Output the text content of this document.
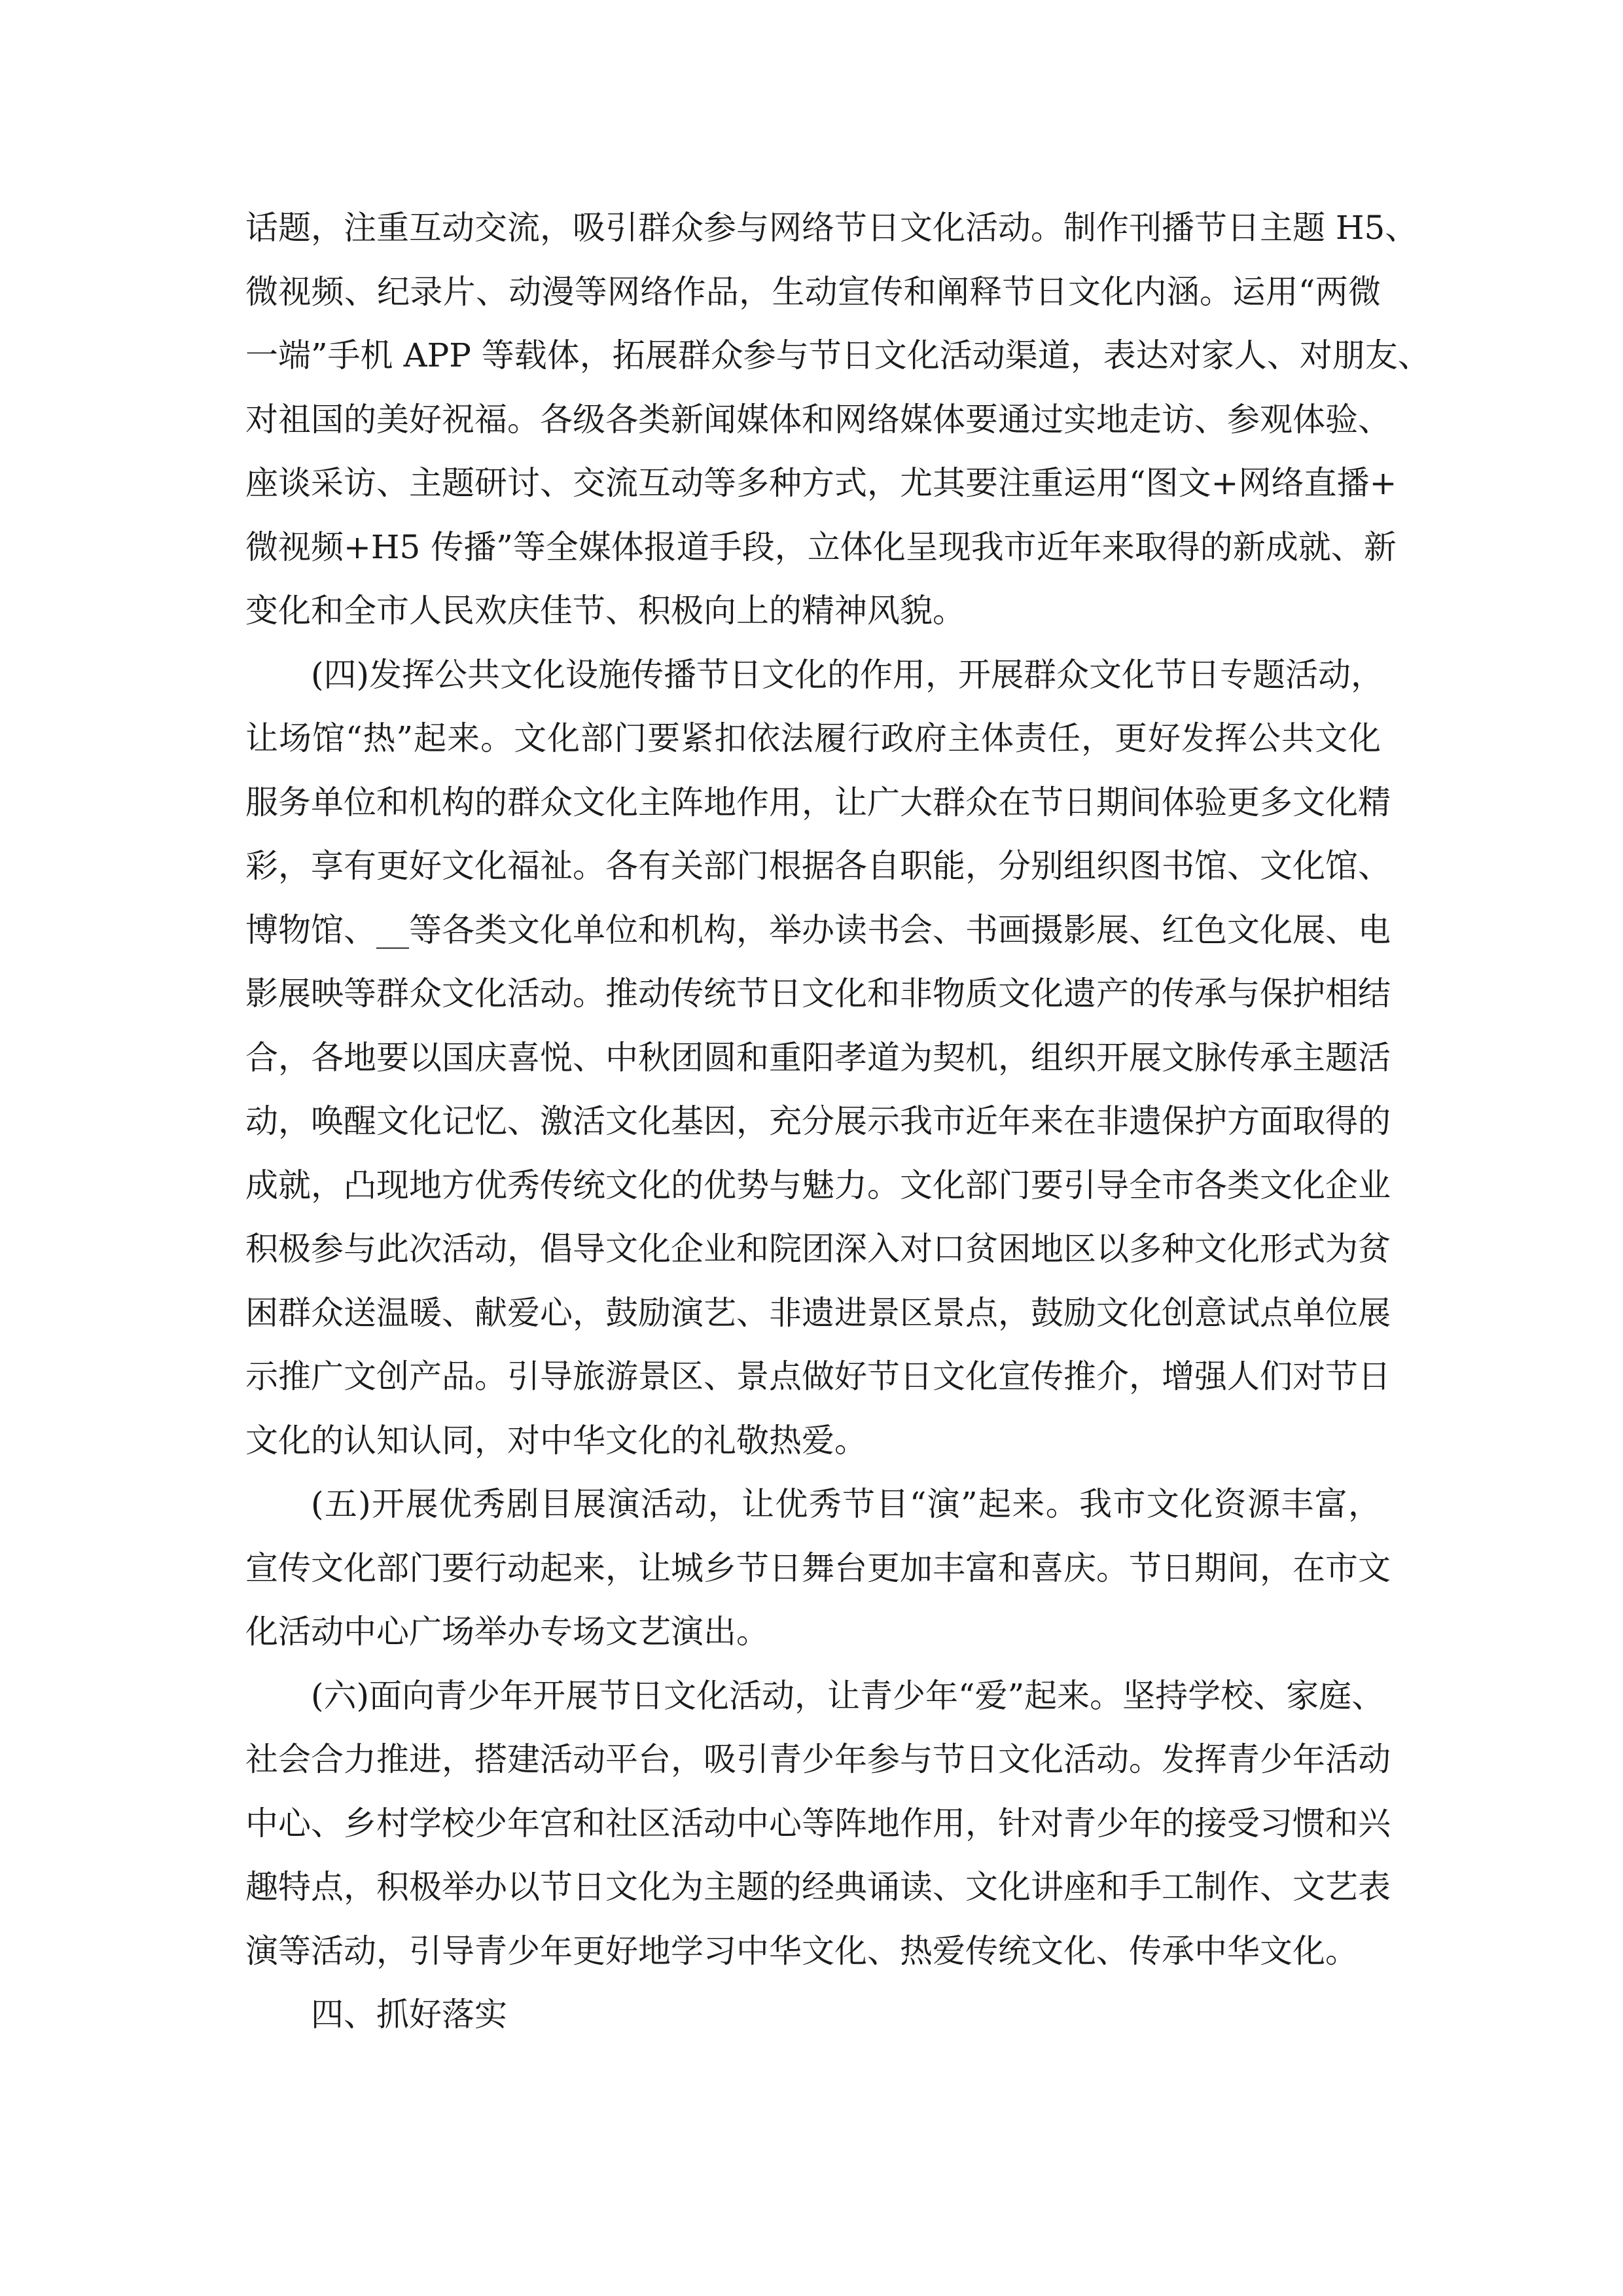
话题，注重互动交流，吸引群众参与网络节日文化活动。制作刊播节日主题 H5、
微视频、纪录片、动漫等网络作品，生动宣传和阐释节日文化内涵。运用“两微
一端”手机 APP 等载体，拓展群众参与节日文化活动渠道，表达对家人、对朋友、
对祖国的美好祝福。各级各类新闻媒体和网络媒体要通过实地走访、参观体验、
座谈采访、主题研讨、交流互动等多种方式，尤其要注重运用“图文+网络直播+
微视频+H5 传播”等全媒体报道手段，立体化呈现我市近年来取得的新成就、新
变化和全市人民欢庆佳节、积极向上的精神风貌。
(四)发挥公共文化设施传播节日文化的作用，开展群众文化节日专题活动，
让场馆“热”起来。文化部门要紧扣依法履行政府主体责任，更好发挥公共文化
服务单位和机构的群众文化主阵地作用，让广大群众在节日期间体验更多文化精
彩，享有更好文化福祉。各有关部门根据各自职能，分别组织图书馆、文化馆、
博物馆、__等各类文化单位和机构，举办读书会、书画摄影展、红色文化展、电
影展映等群众文化活动。推动传统节日文化和非物质文化遗产的传承与保护相结
合，各地要以国庆喜悦、中秋团圆和重阳孝道为契机，组织开展文脉传承主题活
动，唤醒文化记忆、激活文化基因，充分展示我市近年来在非遗保护方面取得的
成就，凸现地方优秀传统文化的优势与魅力。文化部门要引导全市各类文化企业
积极参与此次活动，倡导文化企业和院团深入对口贫困地区以多种文化形式为贫
困群众送温暖、献爱心，鼓励演艺、非遗进景区景点，鼓励文化创意试点单位展
示推广文创产品。引导旅游景区、景点做好节日文化宣传推介，增强人们对节日
文化的认知认同，对中华文化的礼敬热爱。
(五)开展优秀剧目展演活动，让优秀节目“演”起来。我市文化资源丰富，
宣传文化部门要行动起来，让城乡节日舞台更加丰富和喜庆。节日期间，在市文
化活动中心广场举办专场文艺演出。
(六)面向青少年开展节日文化活动，让青少年“爱”起来。坚持学校、家庭、
社会合力推进，搭建活动平台，吸引青少年参与节日文化活动。发挥青少年活动
中心、乡村学校少年宫和社区活动中心等阵地作用，针对青少年的接受习惯和兴
趣特点，积极举办以节日文化为主题的经典诵读、文化讲座和手工制作、文艺表
演等活动，引导青少年更好地学习中华文化、热爱传统文化、传承中华文化。
四、抓好落实
